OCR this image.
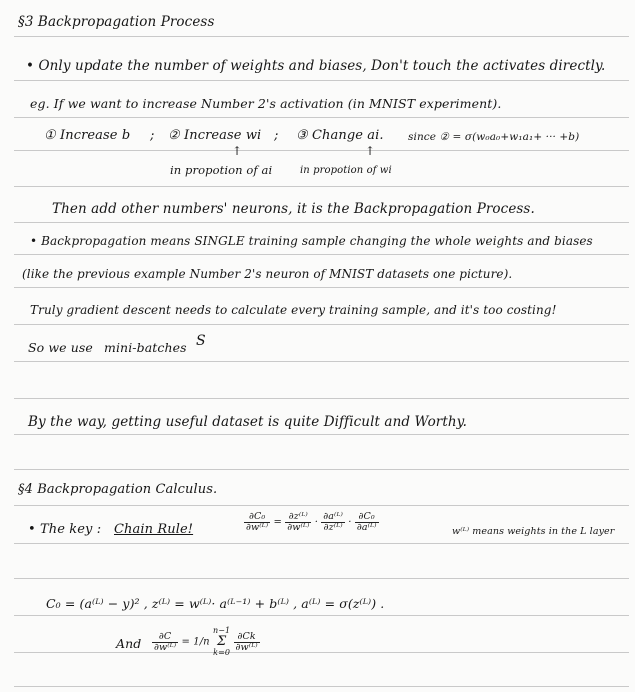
§3 Backpropagation Process
• Only update the number of weights and biases, Don't touch the activates directly.
eg. If we want to increase Number 2's activation (in MNIST experiment).
① Increase b ; ② Increase wi ; ③ Change ai. since ② = σ(w₀a₀+w₁a₁+ ··· +b)
↑	↑
in propotion of ai	in propotion of wi
Then add other numbers' neurons, it is the Backpropagation Process.
• Backpropagation means SINGLE training sample changing the whole weights and biases
(like the previous example Number 2's neuron of MNIST datasets one picture).
Truly gradient descent needs to calculate every training sample, and it's too costing!
So we use mini-batches S
By the way, getting useful dataset is quite Difficult and Worthy.
§4 Backpropagation Calculus.
• The key : Chain Rule!	$\frac{\text{∂C₀}}{\text{∂w⁽ᴸ⁾}} = \frac{\text{∂z⁽ᴸ⁾}}{\text{∂w⁽ᴸ⁾}} \cdot \frac{\text{∂a⁽ᴸ⁾}}{\text{∂z⁽ᴸ⁾}} \cdot \frac{\text{∂C₀}}{\text{∂a⁽ᴸ⁾}}$	w⁽ᴸ⁾ means weights in the L layer
C₀ = (a⁽ᴸ⁾ − y)² , z⁽ᴸ⁾ = w⁽ᴸ⁾· a⁽ᴸ⁻¹⁾ + b⁽ᴸ⁾ , a⁽ᴸ⁾ = σ(z⁽ᴸ⁾) .
And $\frac{\partial C}{\text{∂w⁽ᴸ⁾}} = 1/n$
n−1
Σ
k=0
$\frac{\partial Ck}{\text{∂w⁽ᴸ⁾}}$
